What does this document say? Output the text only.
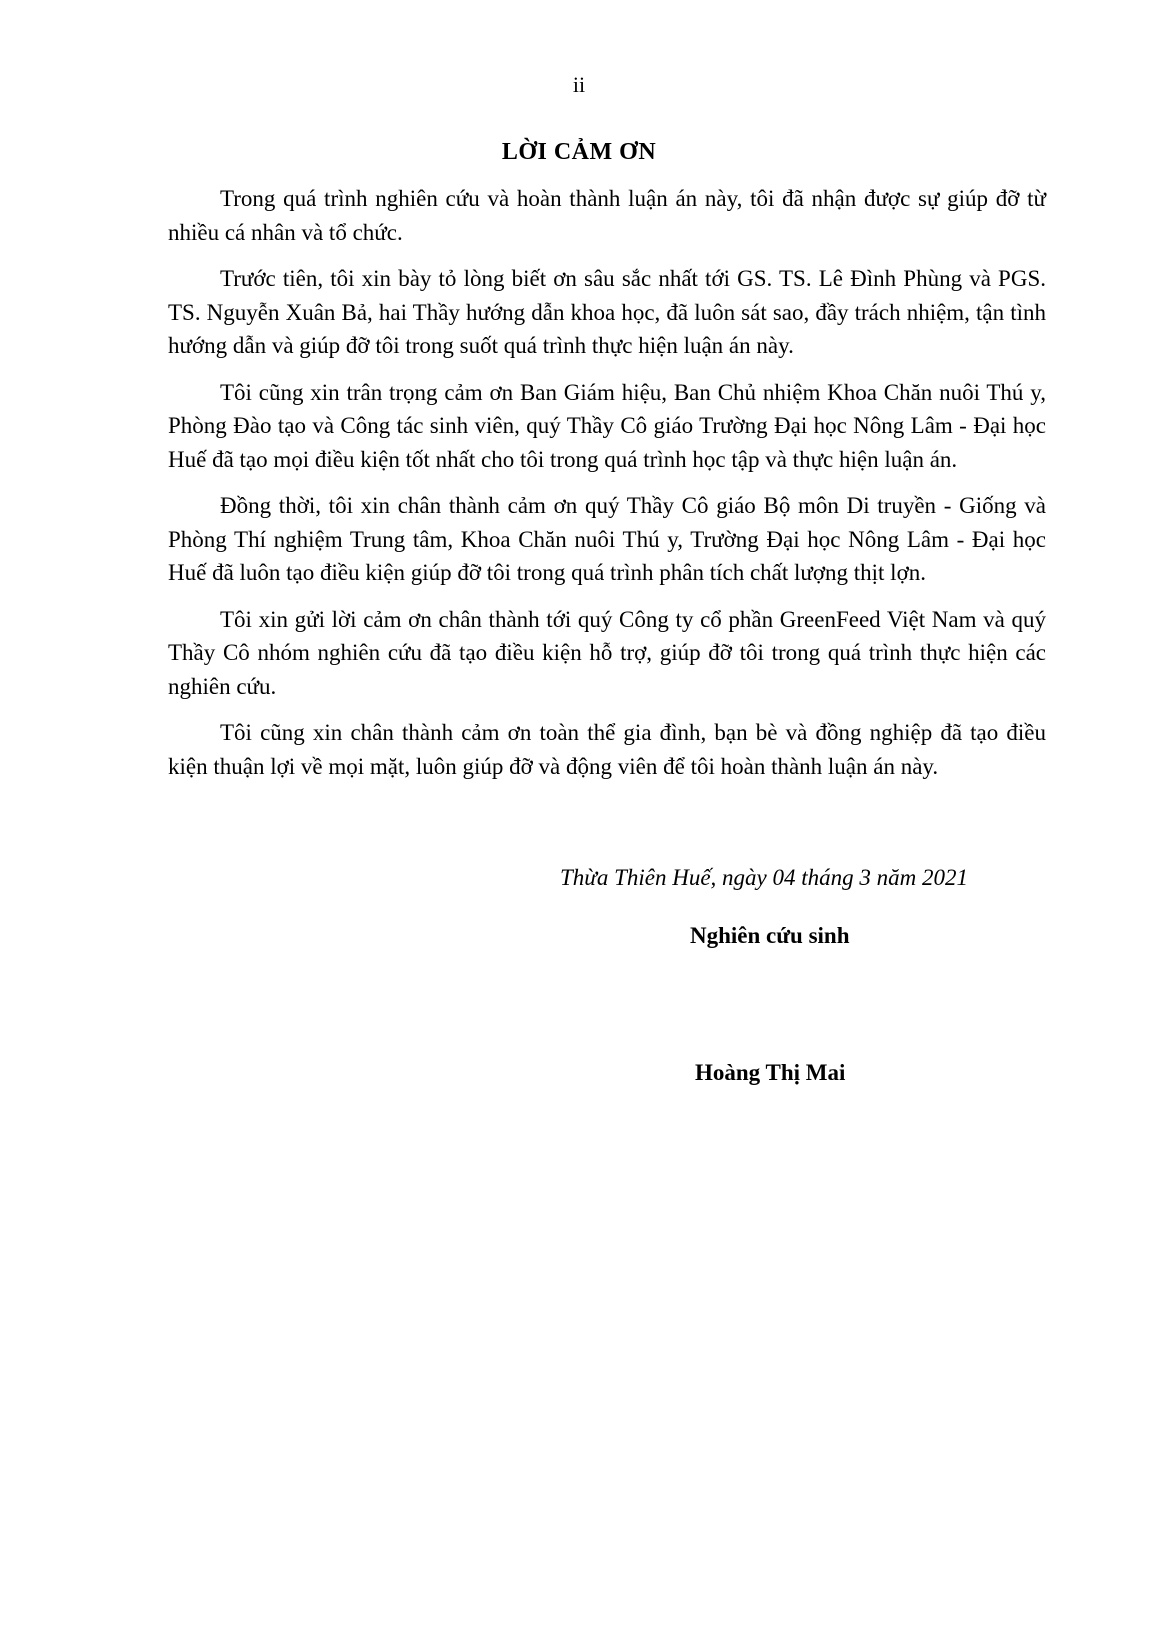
ii
LỜI CẢM ƠN

Trong quá trình nghiên cứu và hoàn thành luận án này, tôi đã nhận được sự giúp đỡ từ nhiều cá nhân và tổ chức.

Trước tiên, tôi xin bày tỏ lòng biết ơn sâu sắc nhất tới GS. TS. Lê Đình Phùng và PGS. TS. Nguyễn Xuân Bả, hai Thầy hướng dẫn khoa học, đã luôn sát sao, đầy trách nhiệm, tận tình hướng dẫn và giúp đỡ tôi trong suốt quá trình thực hiện luận án này.

Tôi cũng xin trân trọng cảm ơn Ban Giám hiệu, Ban Chủ nhiệm Khoa Chăn nuôi Thú y, Phòng Đào tạo và Công tác sinh viên, quý Thầy Cô giáo Trường Đại học Nông Lâm - Đại học Huế đã tạo mọi điều kiện tốt nhất cho tôi trong quá trình học tập và thực hiện luận án.

Đồng thời, tôi xin chân thành cảm ơn quý Thầy Cô giáo Bộ môn Di truyền - Giống và Phòng Thí nghiệm Trung tâm, Khoa Chăn nuôi Thú y, Trường Đại học Nông Lâm - Đại học Huế đã luôn tạo điều kiện giúp đỡ tôi trong quá trình phân tích chất lượng thịt lợn.

Tôi xin gửi lời cảm ơn chân thành tới quý Công ty cổ phần GreenFeed Việt Nam và quý Thầy Cô nhóm nghiên cứu đã tạo điều kiện hỗ trợ, giúp đỡ tôi trong quá trình thực hiện các nghiên cứu.

Tôi cũng xin chân thành cảm ơn toàn thể gia đình, bạn bè và đồng nghiệp đã tạo điều kiện thuận lợi về mọi mặt, luôn giúp đỡ và động viên để tôi hoàn thành luận án này.

Thừa Thiên Huế, ngày 04 tháng 3 năm 2021
Nghiên cứu sinh
Hoàng Thị Mai
